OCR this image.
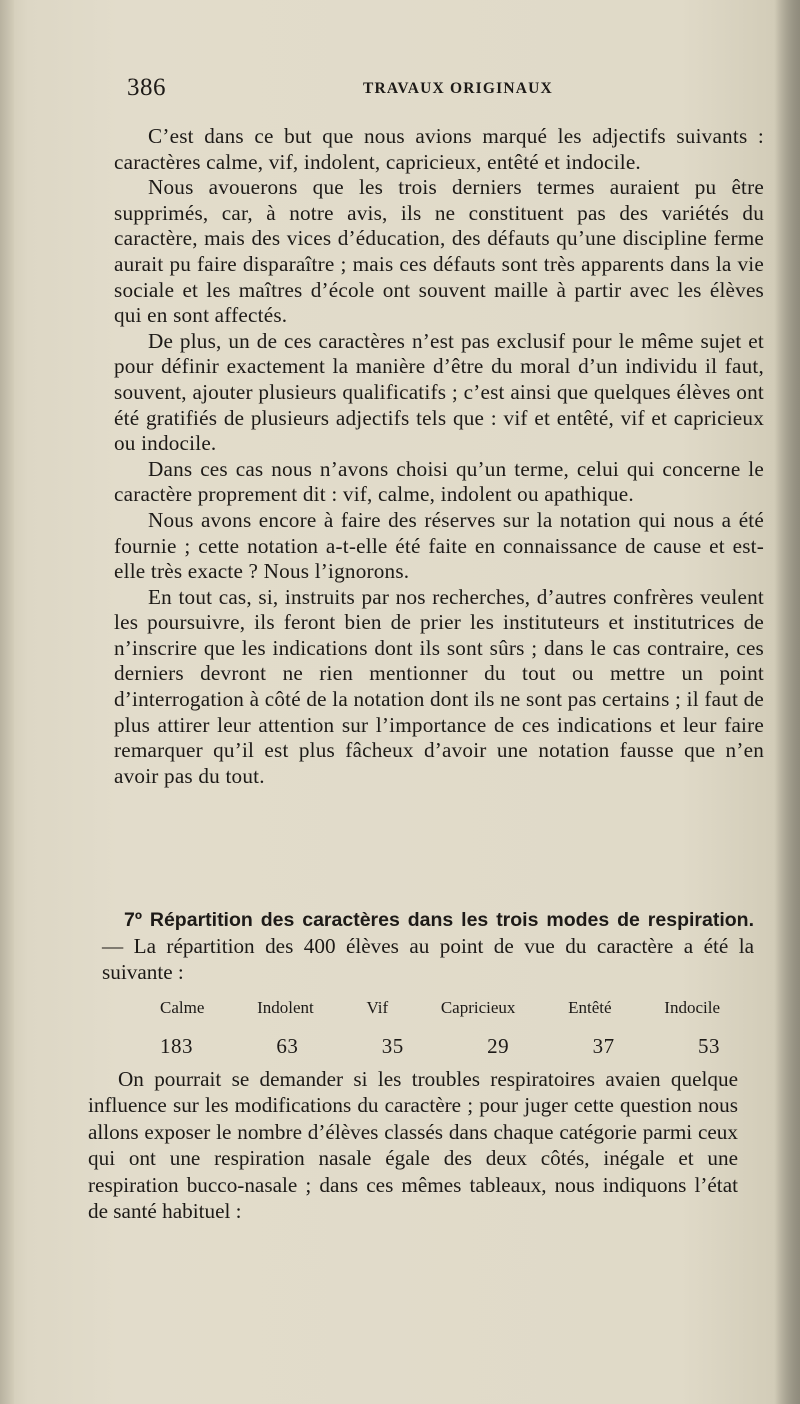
386	TRAVAUX ORIGINAUX

C’est dans ce but que nous avions marqué les adjectifs suivants : caractères calme, vif, indolent, capricieux, entêté et indocile.

Nous avouerons que les trois derniers termes auraient pu être supprimés, car, à notre avis, ils ne constituent pas des variétés du caractère, mais des vices d’éducation, des défauts qu’une discipline ferme aurait pu faire disparaître ; mais ces défauts sont très apparents dans la vie sociale et les maîtres d’école ont souvent maille à partir avec les élèves qui en sont affectés.

De plus, un de ces caractères n’est pas exclusif pour le même sujet et pour définir exactement la manière d’être du moral d’un individu il faut, souvent, ajouter plusieurs qualificatifs ; c’est ainsi que quelques élèves ont été gratifiés de plusieurs adjectifs tels que : vif et entêté, vif et capricieux ou indocile.

Dans ces cas nous n’avons choisi qu’un terme, celui qui concerne le caractère proprement dit : vif, calme, indolent ou apathique.

Nous avons encore à faire des réserves sur la notation qui nous a été fournie ; cette notation a-t-elle été faite en connaissance de cause et est-elle très exacte ? Nous l’ignorons.

En tout cas, si, instruits par nos recherches, d’autres confrères veulent les poursuivre, ils feront bien de prier les instituteurs et institutrices de n’inscrire que les indications dont ils sont sûrs ; dans le cas contraire, ces derniers devront ne rien mentionner du tout ou mettre un point d’interrogation à côté de la notation dont ils ne sont pas certains ; il faut de plus attirer leur attention sur l’importance de ces indications et leur faire remarquer qu’il est plus fâcheux d’avoir une notation fausse que n’en avoir pas du tout.

7º Répartition des caractères dans les trois modes de respiration. — La répartition des 400 élèves au point de vue du caractère a été la suivante :

Calme	Indolent	Vif	Capricieux	Entêté	Indocile
183	63	35	29	37	53

On pourrait se demander si les troubles respiratoires avaien quelque influence sur les modifications du caractère ; pour juger cette question nous allons exposer le nombre d’élèves classés dans chaque catégorie parmi ceux qui ont une respiration nasale égale des deux côtés, inégale et une respiration bucco-nasale ; dans ces mêmes tableaux, nous indiquons l’état de santé habituel :
